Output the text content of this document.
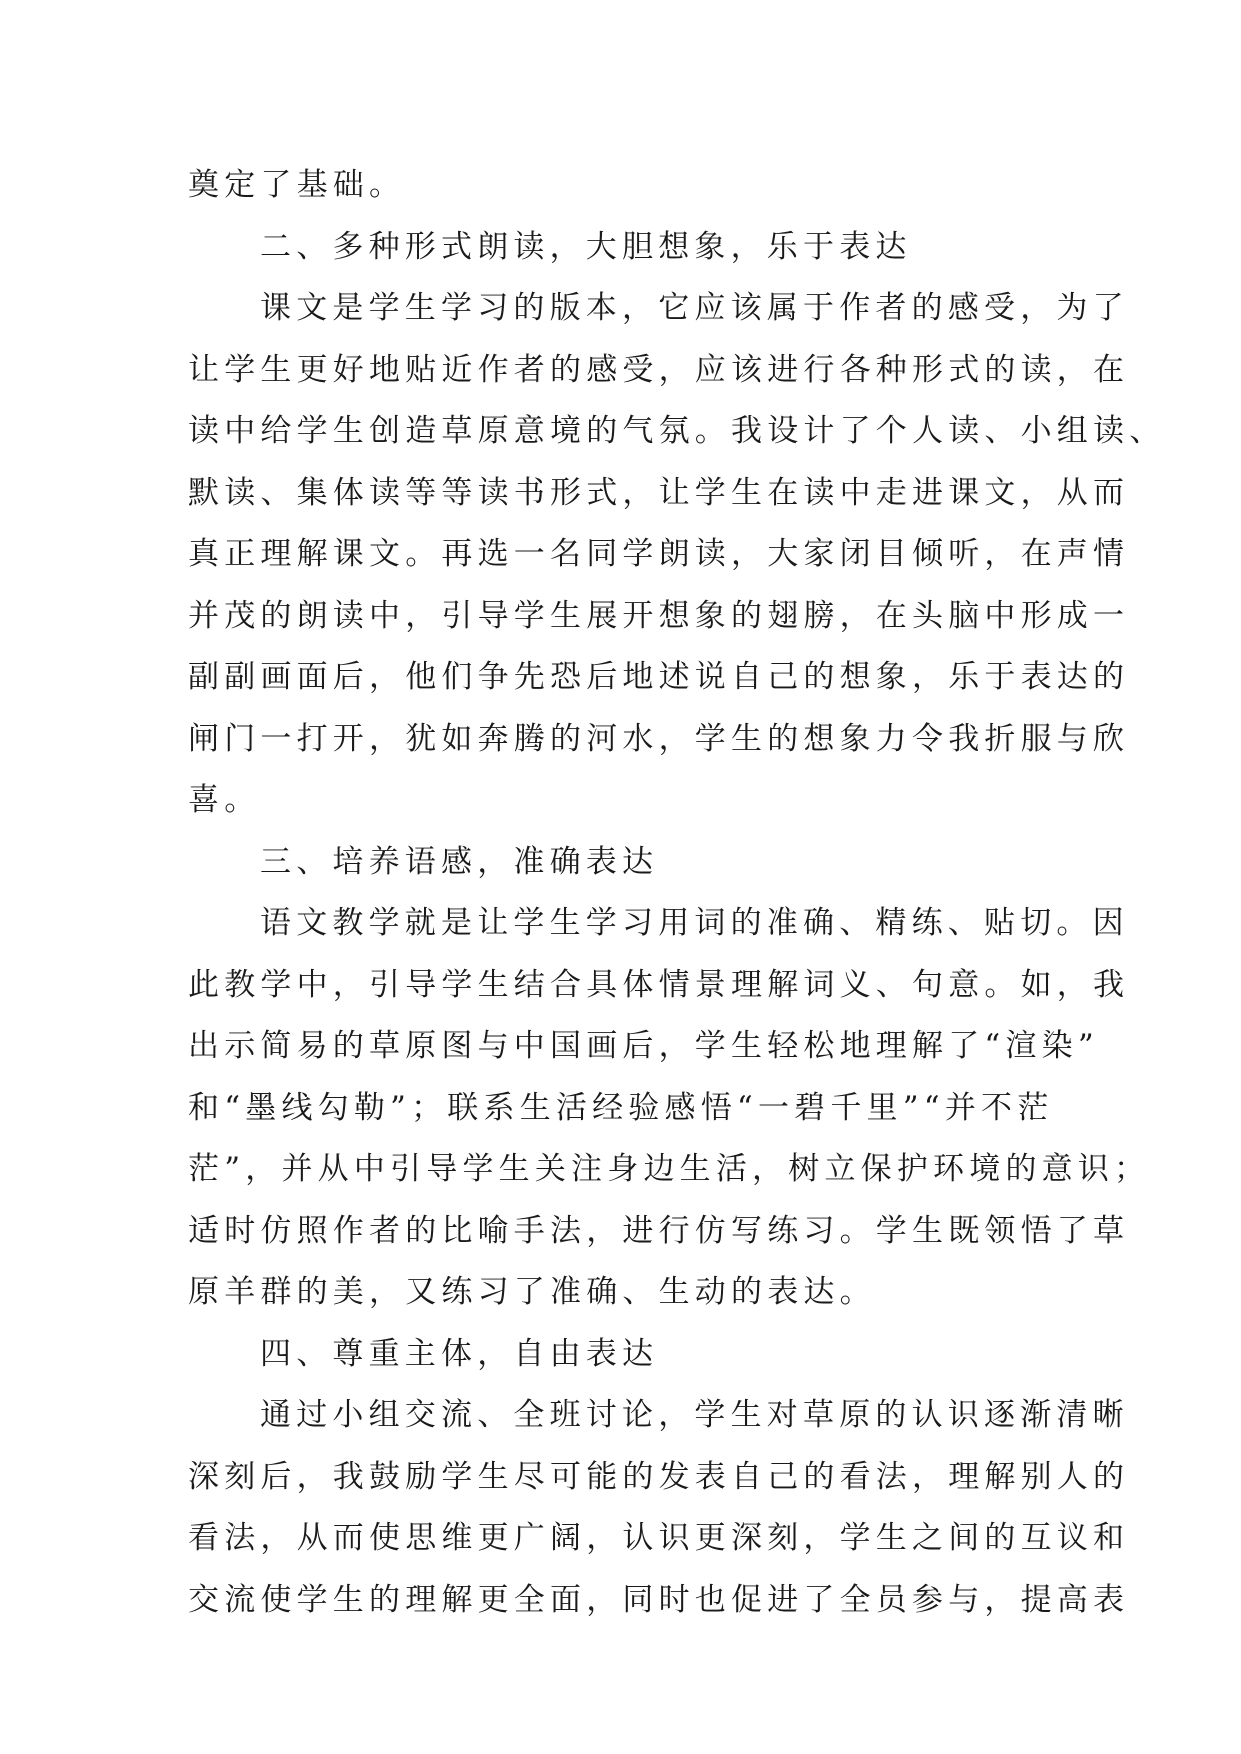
奠定了基础。
二、多种形式朗读，大胆想象，乐于表达
课文是学生学习的版本，它应该属于作者的感受，为了
让学生更好地贴近作者的感受，应该进行各种形式的读，在
读中给学生创造草原意境的气氛。我设计了个人读、小组读、
默读、集体读等等读书形式，让学生在读中走进课文，从而
真正理解课文。再选一名同学朗读，大家闭目倾听，在声情
并茂的朗读中，引导学生展开想象的翅膀，在头脑中形成一
副副画面后，他们争先恐后地述说自己的想象，乐于表达的
闸门一打开，犹如奔腾的河水，学生的想象力令我折服与欣
喜。
三、培养语感，准确表达
语文教学就是让学生学习用词的准确、精练、贴切。因
此教学中，引导学生结合具体情景理解词义、句意。如，我
出示简易的草原图与中国画后，学生轻松地理解了“渲染”
和“墨线勾勒”；联系生活经验感悟“一碧千里”“并不茫
茫”，并从中引导学生关注身边生活，树立保护环境的意识；
适时仿照作者的比喻手法，进行仿写练习。学生既领悟了草
原羊群的美，又练习了准确、生动的表达。
四、尊重主体，自由表达
通过小组交流、全班讨论，学生对草原的认识逐渐清晰
深刻后，我鼓励学生尽可能的发表自己的看法，理解别人的
看法，从而使思维更广阔，认识更深刻，学生之间的互议和
交流使学生的理解更全面，同时也促进了全员参与，提高表
